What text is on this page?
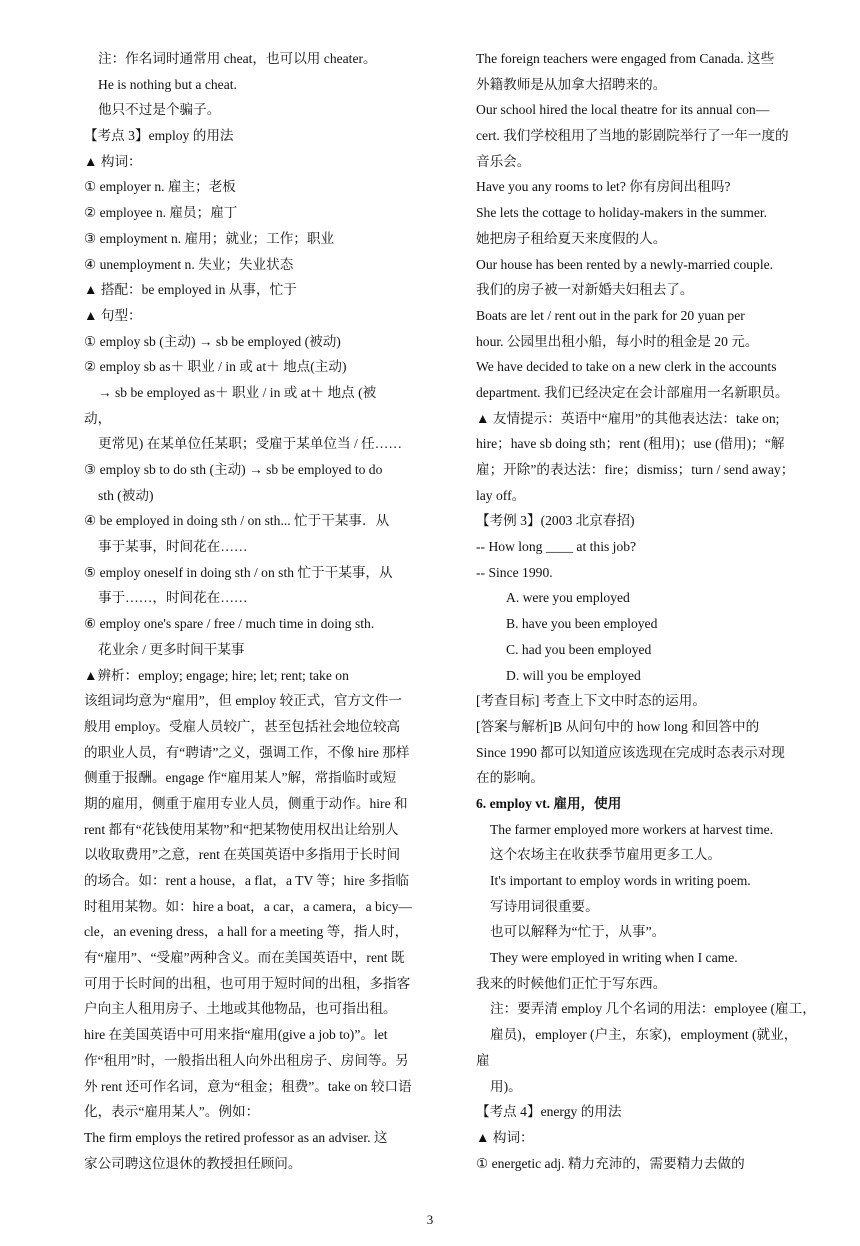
注：作名词时通常用 cheat，也可以用 cheater。
He is nothing but a cheat.
他只不过是个骗子。
【考点 3】employ 的用法
▲ 构词：
① employer n. 雇主；老板
② employee n. 雇员；雇丁
③ employment n. 雇用；就业；工作；职业
④ unemployment n. 失业；失业状态
▲ 搭配：be employed in 从事，忙于
▲ 句型：
① employ sb (主动) → sb be employed (被动)
② employ sb as＋ 职业 / in 或 at＋ 地点(主动)
→ sb be employed as＋ 职业 / in 或 at＋ 地点 (被
动，
更常见) 在某单位任某职；受雇于某单位当 / 任……
③ employ sb to do sth (主动) → sb be employed to do
sth (被动)
④ be employed in doing sth / on sth... 忙于干某事．从
事于某事，时间花在……
⑤ employ oneself in doing sth / on sth 忙于干某事，从
事于……，时间花在……
⑥ employ one's spare / free / much time in doing sth.
花业余 / 更多时间干某事
▲辨析：employ; engage; hire; let; rent; take on
该组词均意为“雇用”，但 employ 较正式，官方文件一
般用 employ。受雇人员较广，甚至包括社会地位较高
的职业人员，有“聘请”之义，强调工作，不像 hire 那样
侧重于报酬。engage 作“雇用某人”解，常指临时或短
期的雇用，侧重于雇用专业人员，侧重于动作。hire 和
rent 都有“花钱使用某物”和“把某物使用权出让给别人
以收取费用”之意，rent 在英国英语中多指用于长时间
的场合。如：rent a house，a flat，a TV 等；hire 多指临
时租用某物。如：hire a boat，a car，a camera，a bicy—
cle，an evening dress，a hall for a meeting 等，指人时，
有“雇用”、“受雇”两种含义。而在美国英语中，rent 既
可用于长时间的出租，也可用于短时间的出租，多指客
户向主人租用房子、土地或其他物品，也可指出租。
hire 在美国英语中可用来指“雇用(give a job to)”。let
作“租用”时，一般指出租人向外出租房子、房间等。另
外 rent 还可作名词，意为“租金；租费”。take on 较口语
化，表示“雇用某人”。例如：
The firm employs the retired professor as an adviser. 这
家公司聘这位退休的教授担任顾问。
The foreign teachers were engaged from Canada. 这些
外籍教师是从加拿大招聘来的。
Our school hired the local theatre for its annual con—
cert. 我们学校租用了当地的影剧院举行了一年一度的
音乐会。
Have you any rooms to let? 你有房间出租吗?
She lets the cottage to holiday-makers in the summer.
她把房子租给夏天来度假的人。
Our house has been rented by a newly-married couple.
我们的房子被一对新婚夫妇租去了。
Boats are let / rent out in the park for 20 yuan per
hour. 公园里出租小船，每小时的租金是 20 元。
We have decided to take on a new clerk in the accounts
department. 我们已经决定在会计部雇用一名新职员。
▲ 友情提示：英语中“雇用”的其他表达法：take on;
hire；have sb doing sth；rent (租用)；use (借用)；“解
雇；开除”的表达法：fire；dismiss；turn / send away；
lay off。
【考例 3】(2003 北京春招)
-- How long ____ at this job?
-- Since 1990.
A. were you employed
B. have you been employed
C. had you been employed
D. will you be employed
[考查目标] 考查上下文中时态的运用。
[答案与解析]B 从问句中的 how long 和回答中的
Since 1990 都可以知道应该选现在完成时态表示对现
在的影响。
6. employ vt. 雇用，使用
The farmer employed more workers at harvest time.
这个农场主在收获季节雇用更多工人。
It's important to employ words in writing poem.
写诗用词很重要。
也可以解释为“忙于，从事”。
They were employed in writing when I came.
我来的时候他们正忙于写东西。
注：要弄清 employ 几个名词的用法：employee (雇工，
雇员)，employer (户主，东家)，employment (就业，
雇
用)。
【考点 4】energy 的用法
▲ 构词：
① energetic adj. 精力充沛的，需要精力去做的
3
